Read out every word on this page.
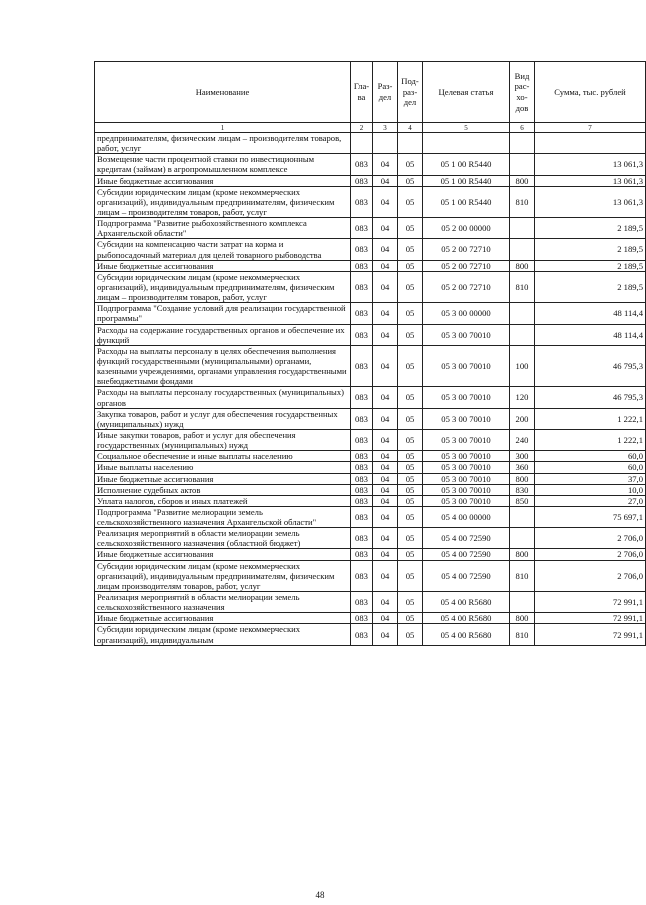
Наименование	Гла-ва	Раз-дел	Под-раз-дел	Целевая статья	Вид рас-хо-дов	Сумма, тыс. рублей
1	2	3	4	5	6	7
предпринимателям, физическим лицам – производителям товаров, работ, услуг						
Возмещение части процентной ставки по инвестиционным кредитам (займам) в агропромышленном комплексе	083	04	05	05 1 00 R5440		13 061,3
Иные бюджетные ассигнования	083	04	05	05 1 00 R5440	800	13 061,3
Субсидии юридическим лицам (кроме некоммерческих организаций), индивидуальным предпринимателям, физическим лицам – производителям товаров, работ, услуг	083	04	05	05 1 00 R5440	810	13 061,3
Подпрограмма "Развитие рыбохозяйственного комплекса Архангельской области"	083	04	05	05 2 00 00000		2 189,5
Субсидии на компенсацию части затрат на корма и рыбопосадочный материал для целей товарного рыбоводства	083	04	05	05 2 00 72710		2 189,5
Иные бюджетные ассигнования	083	04	05	05 2 00 72710	800	2 189,5
Субсидии юридическим лицам (кроме некоммерческих организаций), индивидуальным предпринимателям, физическим лицам – производителям товаров, работ, услуг	083	04	05	05 2 00 72710	810	2 189,5
Подпрограмма "Создание условий для реализации государственной программы"	083	04	05	05 3 00 00000		48 114,4
Расходы на содержание государственных органов и обеспечение их функций	083	04	05	05 3 00 70010		48 114,4
Расходы на выплаты персоналу в целях обеспечения выполнения функций государственными (муниципальными) органами, казенными учреждениями, органами управления государственными внебюджетными фондами	083	04	05	05 3 00 70010	100	46 795,3
Расходы на выплаты персоналу государственных (муниципальных) органов	083	04	05	05 3 00 70010	120	46 795,3
Закупка товаров, работ и услуг для обеспечения государственных (муниципальных) нужд	083	04	05	05 3 00 70010	200	1 222,1
Иные закупки товаров, работ и услуг для обеспечения государственных (муниципальных) нужд	083	04	05	05 3 00 70010	240	1 222,1
Социальное обеспечение и иные выплаты населению	083	04	05	05 3 00 70010	300	60,0
Иные выплаты населению	083	04	05	05 3 00 70010	360	60,0
Иные бюджетные ассигнования	083	04	05	05 3 00 70010	800	37,0
Исполнение судебных актов	083	04	05	05 3 00 70010	830	10,0
Уплата налогов, сборов и иных платежей	083	04	05	05 3 00 70010	850	27,0
Подпрограмма "Развитие мелиорации земель сельскохозяйственного назначения Архангельской области"	083	04	05	05 4 00 00000		75 697,1
Реализация мероприятий в области мелиорации земель сельскохозяйственного назначения (областной бюджет)	083	04	05	05 4 00 72590		2 706,0
Иные бюджетные ассигнования	083	04	05	05 4 00 72590	800	2 706,0
Субсидии юридическим лицам (кроме некоммерческих организаций), индивидуальным предпринимателям, физическим лицам производителям товаров, работ, услуг	083	04	05	05 4 00 72590	810	2 706,0
Реализация мероприятий в области мелиорации земель сельскохозяйственного назначения	083	04	05	05 4 00 R5680		72 991,1
Иные бюджетные ассигнования	083	04	05	05 4 00 R5680	800	72 991,1
Субсидии юридическим лицам (кроме некоммерческих организаций), индивидуальным	083	04	05	05 4 00 R5680	810	72 991,1
48
